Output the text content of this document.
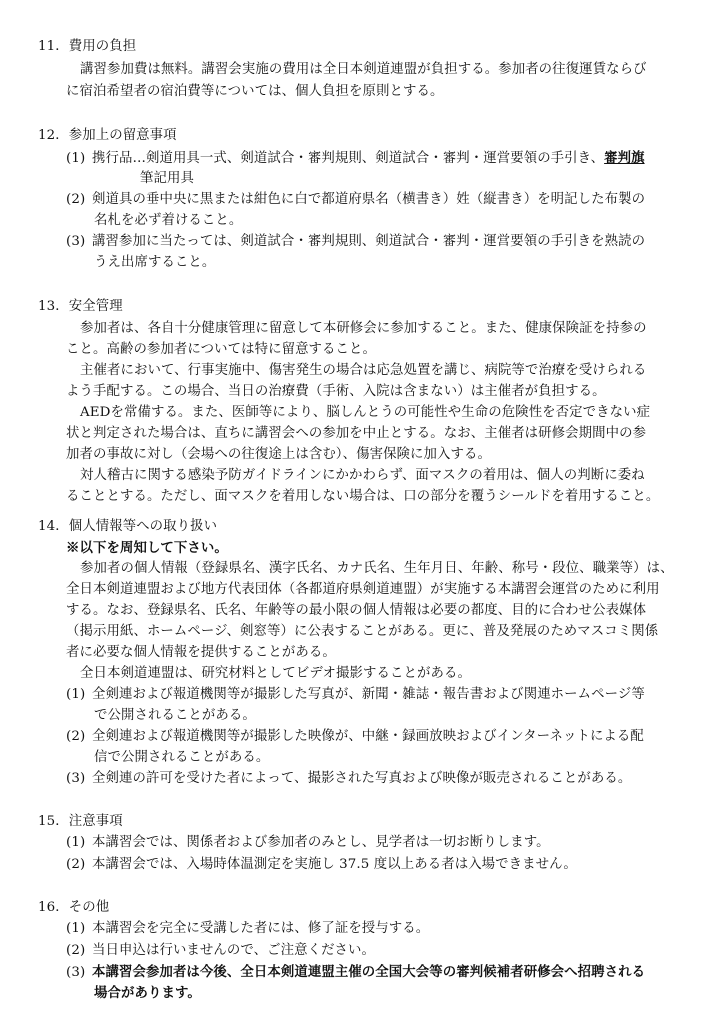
11．費用の負担
講習参加費は無料。講習会実施の費用は全日本剣道連盟が負担する。参加者の往復運賃ならび
に宿泊希望者の宿泊費等については、個人負担を原則とする。
12．参加上の留意事項
(1) 携行品…剣道用具一式、剣道試合・審判規則、剣道試合・審判・運営要領の手引き、審判旗
筆記用具
(2) 剣道具の垂中央に黒または紺色に白で都道府県名（横書き）姓（縦書き）を明記した布製の
名札を必ず着けること。
(3) 講習参加に当たっては、剣道試合・審判規則、剣道試合・審判・運営要領の手引きを熟読の
うえ出席すること。
13．安全管理
参加者は、各自十分健康管理に留意して本研修会に参加すること。また、健康保険証を持参の
こと。高齢の参加者については特に留意すること。
主催者において、行事実施中、傷害発生の場合は応急処置を講じ、病院等で治療を受けられる
よう手配する。この場合、当日の治療費（手術、入院は含まない）は主催者が負担する。
AEDを常備する。また、医師等により、脳しんとうの可能性や生命の危険性を否定できない症
状と判定された場合は、直ちに講習会への参加を中止とする。なお、主催者は研修会期間中の参
加者の事故に対し（会場への往復途上は含む）、傷害保険に加入する。
対人稽古に関する感染予防ガイドラインにかかわらず、面マスクの着用は、個人の判断に委ね
ることとする。ただし、面マスクを着用しない場合は、口の部分を覆うシールドを着用すること。
14．個人情報等への取り扱い
※以下を周知して下さい。
参加者の個人情報（登録県名、漢字氏名、カナ氏名、生年月日、年齢、称号・段位、職業等）は、
全日本剣道連盟および地方代表団体（各都道府県剣道連盟）が実施する本講習会運営のために利用
する。なお、登録県名、氏名、年齢等の最小限の個人情報は必要の都度、目的に合わせ公表媒体
（掲示用紙、ホームページ、剣窓等）に公表することがある。更に、普及発展のためマスコミ関係
者に必要な個人情報を提供することがある。
全日本剣道連盟は、研究材料としてビデオ撮影することがある。
(1) 全剣連および報道機関等が撮影した写真が、新聞・雑誌・報告書および関連ホームページ等
で公開されることがある。
(2) 全剣連および報道機関等が撮影した映像が、中継・録画放映およびインターネットによる配
信で公開されることがある。
(3) 全剣連の許可を受けた者によって、撮影された写真および映像が販売されることがある。
15．注意事項
(1) 本講習会では、関係者および参加者のみとし、見学者は一切お断りします。
(2) 本講習会では、入場時体温測定を実施し 37.5 度以上ある者は入場できません。
16．その他
(1) 本講習会を完全に受講した者には、修了証を授与する。
(2) 当日申込は行いませんので、ご注意ください。
(3) 本講習会参加者は今後、全日本剣道連盟主催の全国大会等の審判候補者研修会へ招聘される
場合があります。
